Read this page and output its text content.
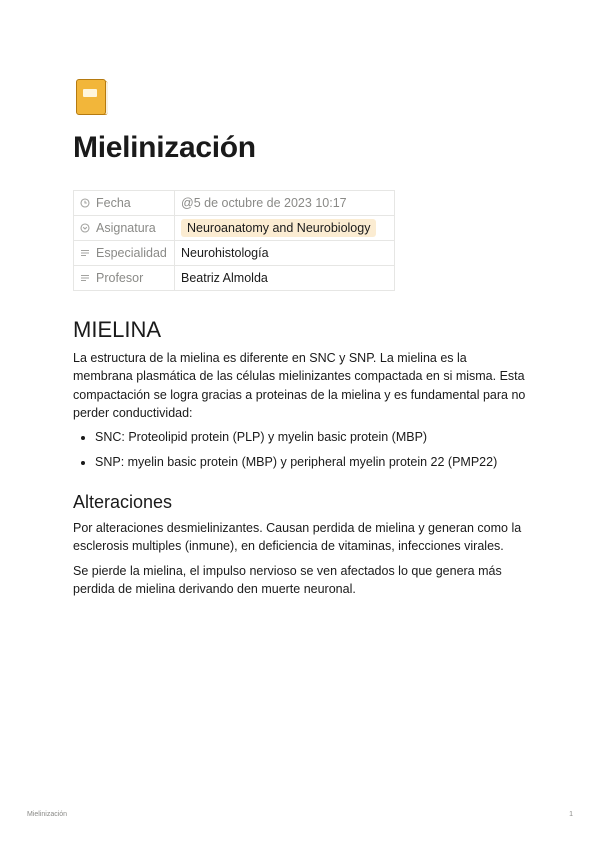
Mielinización
Fecha	@5 de octubre de 2023 10:17
Asignatura	Neuroanatomy and Neurobiology
Especialidad	Neurohistología
Profesor	Beatriz Almolda
MIELINA

La estructura de la mielina es diferente en SNC y SNP. La mielina es la membrana plasmática de las células mielinizantes compactada en si misma. Esta compactación se logra gracias a proteinas de la mielina y es fundamental para no perder conductividad:

• SNC: Proteolipid protein (PLP) y myelin basic protein (MBP)
• SNP: myelin basic protein (MBP) y peripheral myelin protein 22 (PMP22)
Alteraciones

Por alteraciones desmielinizantes. Causan perdida de mielina y generan como la esclerosis multiples (inmune), en deficiencia de vitaminas, infecciones virales.

Se pierde la mielina, el impulso nervioso se ven afectados lo que genera más perdida de mielina derivando den muerte neuronal.

Mielinización	1
